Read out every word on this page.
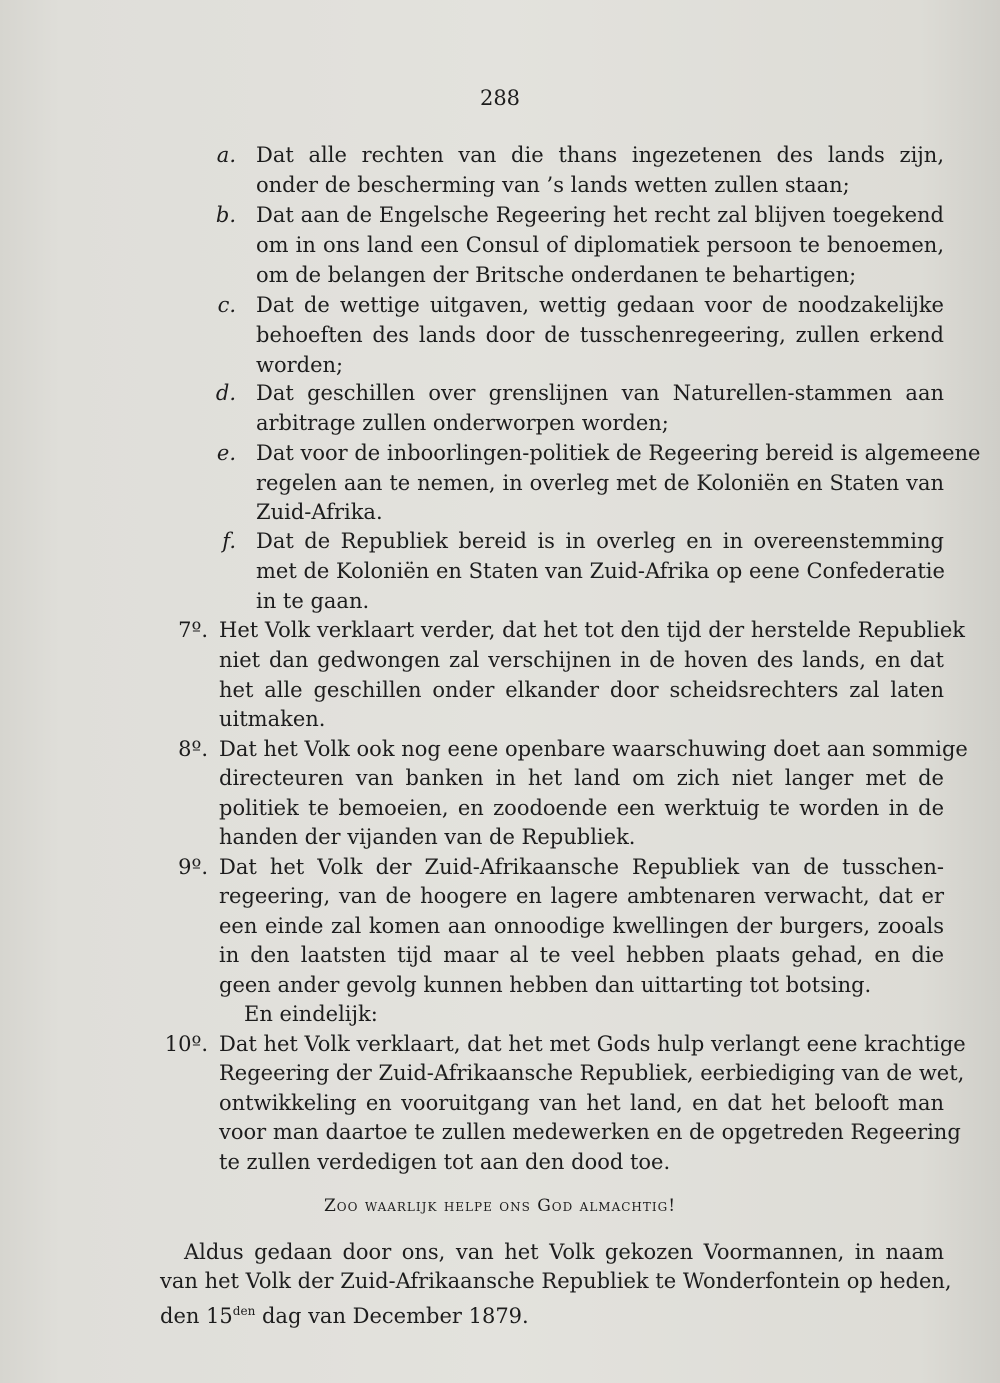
288
a. Dat alle rechten van die thans ingezetenen des lands zijn,
onder de bescherming van ’s lands wetten zullen staan;
b. Dat aan de Engelsche Regeering het recht zal blijven toegekend
om in ons land een Consul of diplomatiek persoon te benoemen,
om de belangen der Britsche onderdanen te behartigen;
c. Dat de wettige uitgaven, wettig gedaan voor de noodzakelijke
behoeften des lands door de tusschenregeering, zullen erkend
worden;
d. Dat geschillen over grenslijnen van Naturellen-stammen aan
arbitrage zullen onderworpen worden;
e. Dat voor de inboorlingen-politiek de Regeering bereid is algemeene
regelen aan te nemen, in overleg met de Koloniën en Staten van
Zuid-Afrika.
f. Dat de Republiek bereid is in overleg en in overeenstemming
met de Koloniën en Staten van Zuid-Afrika op eene Confederatie
in te gaan.
7º. Het Volk verklaart verder, dat het tot den tijd der herstelde Republiek
niet dan gedwongen zal verschijnen in de hoven des lands, en dat
het alle geschillen onder elkander door scheidsrechters zal laten
uitmaken.
8º. Dat het Volk ook nog eene openbare waarschuwing doet aan sommige
directeuren van banken in het land om zich niet langer met de
politiek te bemoeien, en zoodoende een werktuig te worden in de
handen der vijanden van de Republiek.
9º. Dat het Volk der Zuid-Afrikaansche Republiek van de tusschen-
regeering, van de hoogere en lagere ambtenaren verwacht, dat er
een einde zal komen aan onnoodige kwellingen der burgers, zooals
in den laatsten tijd maar al te veel hebben plaats gehad, en die
geen ander gevolg kunnen hebben dan uittarting tot botsing.
En eindelijk:
10º. Dat het Volk verklaart, dat het met Gods hulp verlangt eene krachtige
Regeering der Zuid-Afrikaansche Republiek, eerbiediging van de wet,
ontwikkeling en vooruitgang van het land, en dat het belooft man
voor man daartoe te zullen medewerken en de opgetreden Regeering
te zullen verdedigen tot aan den dood toe.
Zoo waarlijk helpe ons God almachtig!
Aldus gedaan door ons, van het Volk gekozen Voormannen, in naam
van het Volk der Zuid-Afrikaansche Republiek te Wonderfontein op heden,
den $15^{den}$ dag van December 1879.
